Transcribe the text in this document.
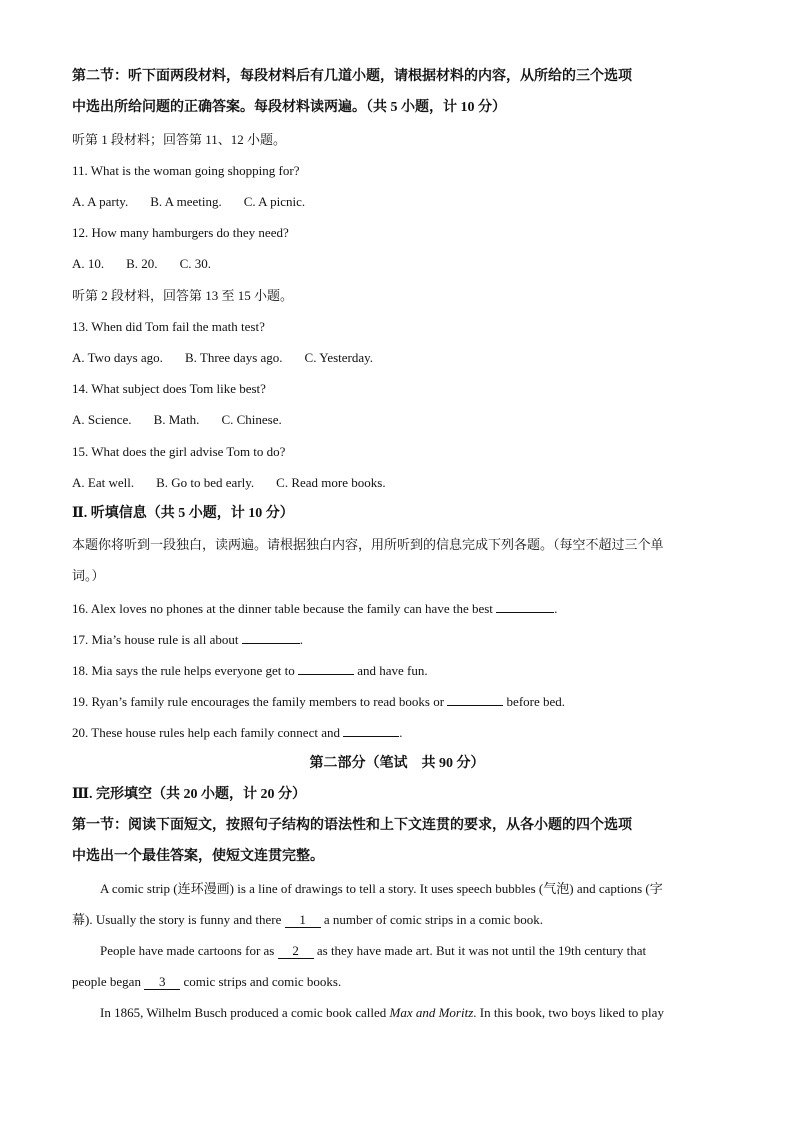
第二节：听下面两段材料，每段材料后有几道小题，请根据材料的内容，从所给的三个选项
中选出所给问题的正确答案。每段材料读两遍。（共 5 小题，计 10 分）
听第 1 段材料；回答第 11、12 小题。
11. What is the woman going shopping for?
A. A party. B. A meeting. C. A picnic.
12. How many hamburgers do they need?
A. 10. B. 20. C. 30.
听第 2 段材料，回答第 13 至 15 小题。
13. When did Tom fail the math test?
A. Two days ago. B. Three days ago. C. Yesterday.
14. What subject does Tom like best?
A. Science. B. Math. C. Chinese.
15. What does the girl advise Tom to do?
A. Eat well. B. Go to bed early. C. Read more books.
Ⅱ. 听填信息（共 5 小题，计 10 分）
本题你将听到一段独白，读两遍。请根据独白内容，用所听到的信息完成下列各题。（每空不超过三个单
词。）
16. Alex loves no phones at the dinner table because the family can have the best	.
17. Mia’s house rule is all about	.
18. Mia says the rule helps everyone get to	and have fun.
19. Ryan’s family rule encourages the family members to read books or	before bed.
20. These house rules help each family connect and	.
第二部分（笔试　共 90 分）
Ⅲ. 完形填空（共 20 小题，计 20 分）
第一节：阅读下面短文，按照句子结构的语法性和上下文连贯的要求，从各小题的四个选项
中选出一个最佳答案，使短文连贯完整。
A comic strip (连环漫画) is a line of drawings to tell a story. It uses speech bubbles (气泡) and captions (字
幕). Usually the story is funny and there 1 a number of comic strips in a comic book.
People have made cartoons for as 2 as they have made art. But it was not until the 19th century that
people began 3 comic strips and comic books.
In 1865, Wilhelm Busch produced a comic book called Max and Moritz. In this book, two boys liked to play
